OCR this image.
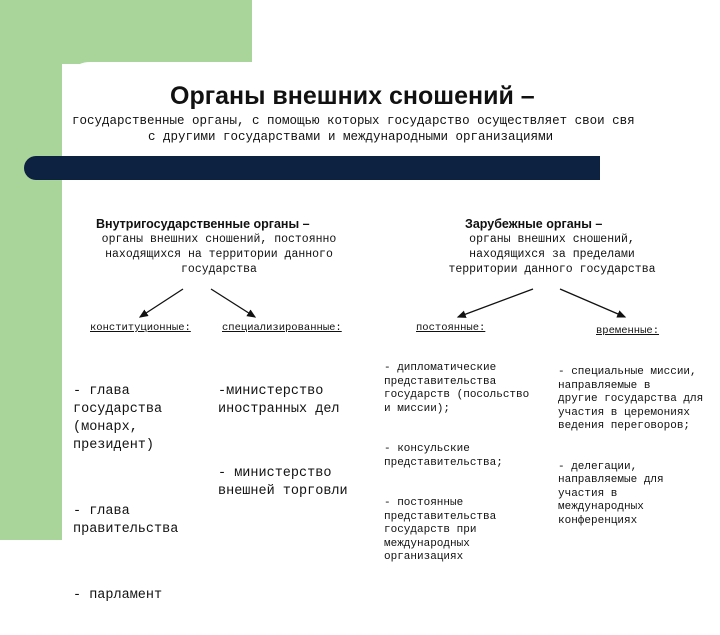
Органы внешних сношений –
государственные органы, с помощью которых государство осуществляет свои свя
с другими государствами и международными организациями
Внутригосударственные органы –
органы внешних сношений, постоянно
находящихся на территории данного
государства
Зарубежные органы –
органы внешних сношений,
находящихся за пределами
территории данного государства
конституционные:	специализированные:	постоянные:	временные:

- глава
государства
(монарх,
президент)

- глава
правительства

- парламент

-министерство
иностранных дел

- министерство
внешней торговли

- дипломатические
представительства
государств (посольство
и миссии);

- консульские
представительства;

- постоянные
представительства
государств при
международных
организациях

- специальные миссии,
направляемые в
другие государства для
участия в церемониях
ведения переговоров;

- делегации,
направляемые для
участия в
международных
конференциях
